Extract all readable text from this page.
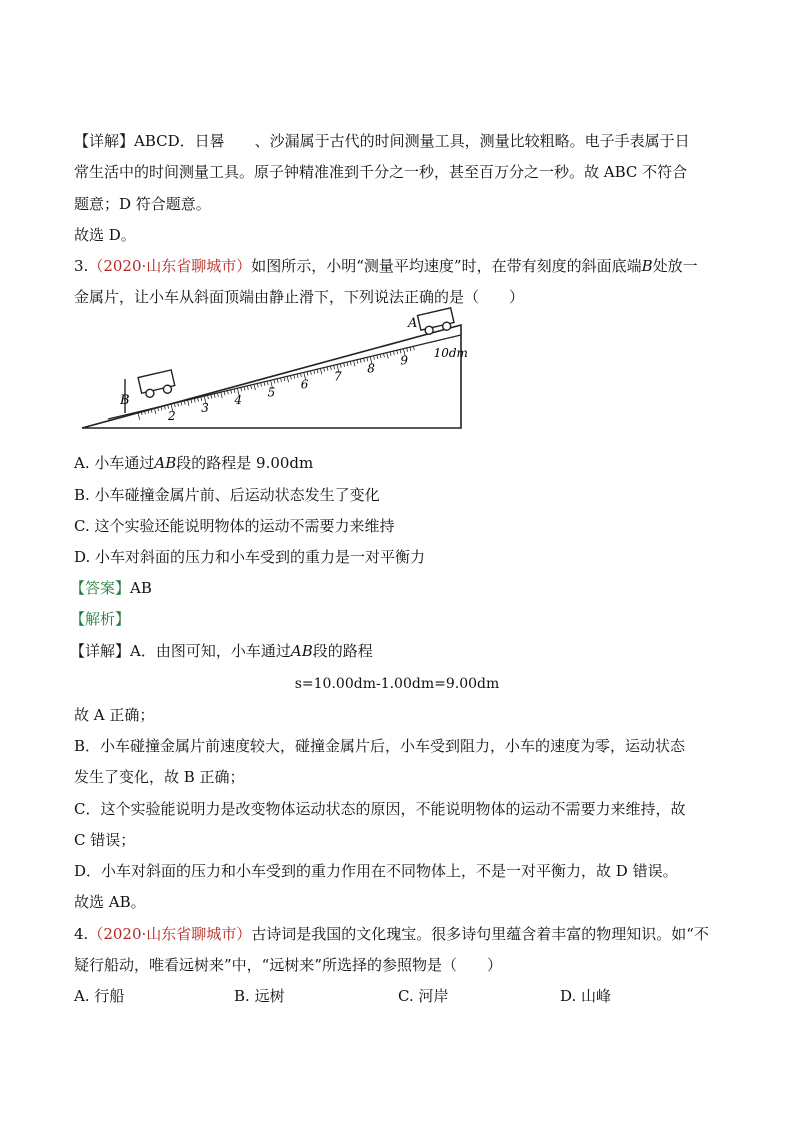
【详解】ABCD．日晷　　、沙漏属于古代的时间测量工具，测量比较粗略。电子手表属于日
常生活中的时间测量工具。原子钟精准准到千分之一秒，甚至百万分之一秒。故 ABC 不符合
题意；D 符合题意。
故选 D。
3.（2020·山东省聊城市）如图所示，小明“测量平均速度”时，在带有刻度的斜面底端B处放一
金属片，让小车从斜面顶端由静止滑下，下列说法正确的是（　　）
B
A
2
3
4
5
6
7
8
9
10dm
A. 小车通过AB段的路程是 9.00dm
B. 小车碰撞金属片前、后运动状态发生了变化
C. 这个实验还能说明物体的运动不需要力来维持
D. 小车对斜面的压力和小车受到的重力是一对平衡力
【答案】AB
【解析】
【详解】A．由图可知，小车通过AB段的路程
s=10.00dm-1.00dm=9.00dm
故 A 正确；
B．小车碰撞金属片前速度较大，碰撞金属片后，小车受到阻力，小车的速度为零，运动状态
发生了变化，故 B 正确；
C．这个实验能说明力是改变物体运动状态的原因，不能说明物体的运动不需要力来维持，故
C 错误；
D．小车对斜面的压力和小车受到的重力作用在不同物体上，不是一对平衡力，故 D 错误。
故选 AB。
4.（2020·山东省聊城市）古诗词是我国的文化瑰宝。很多诗句里蕴含着丰富的物理知识。如“不
疑行船动，唯看远树来”中，“远树来”所选择的参照物是（　　）
A. 行船	B. 远树	C. 河岸	D. 山峰
